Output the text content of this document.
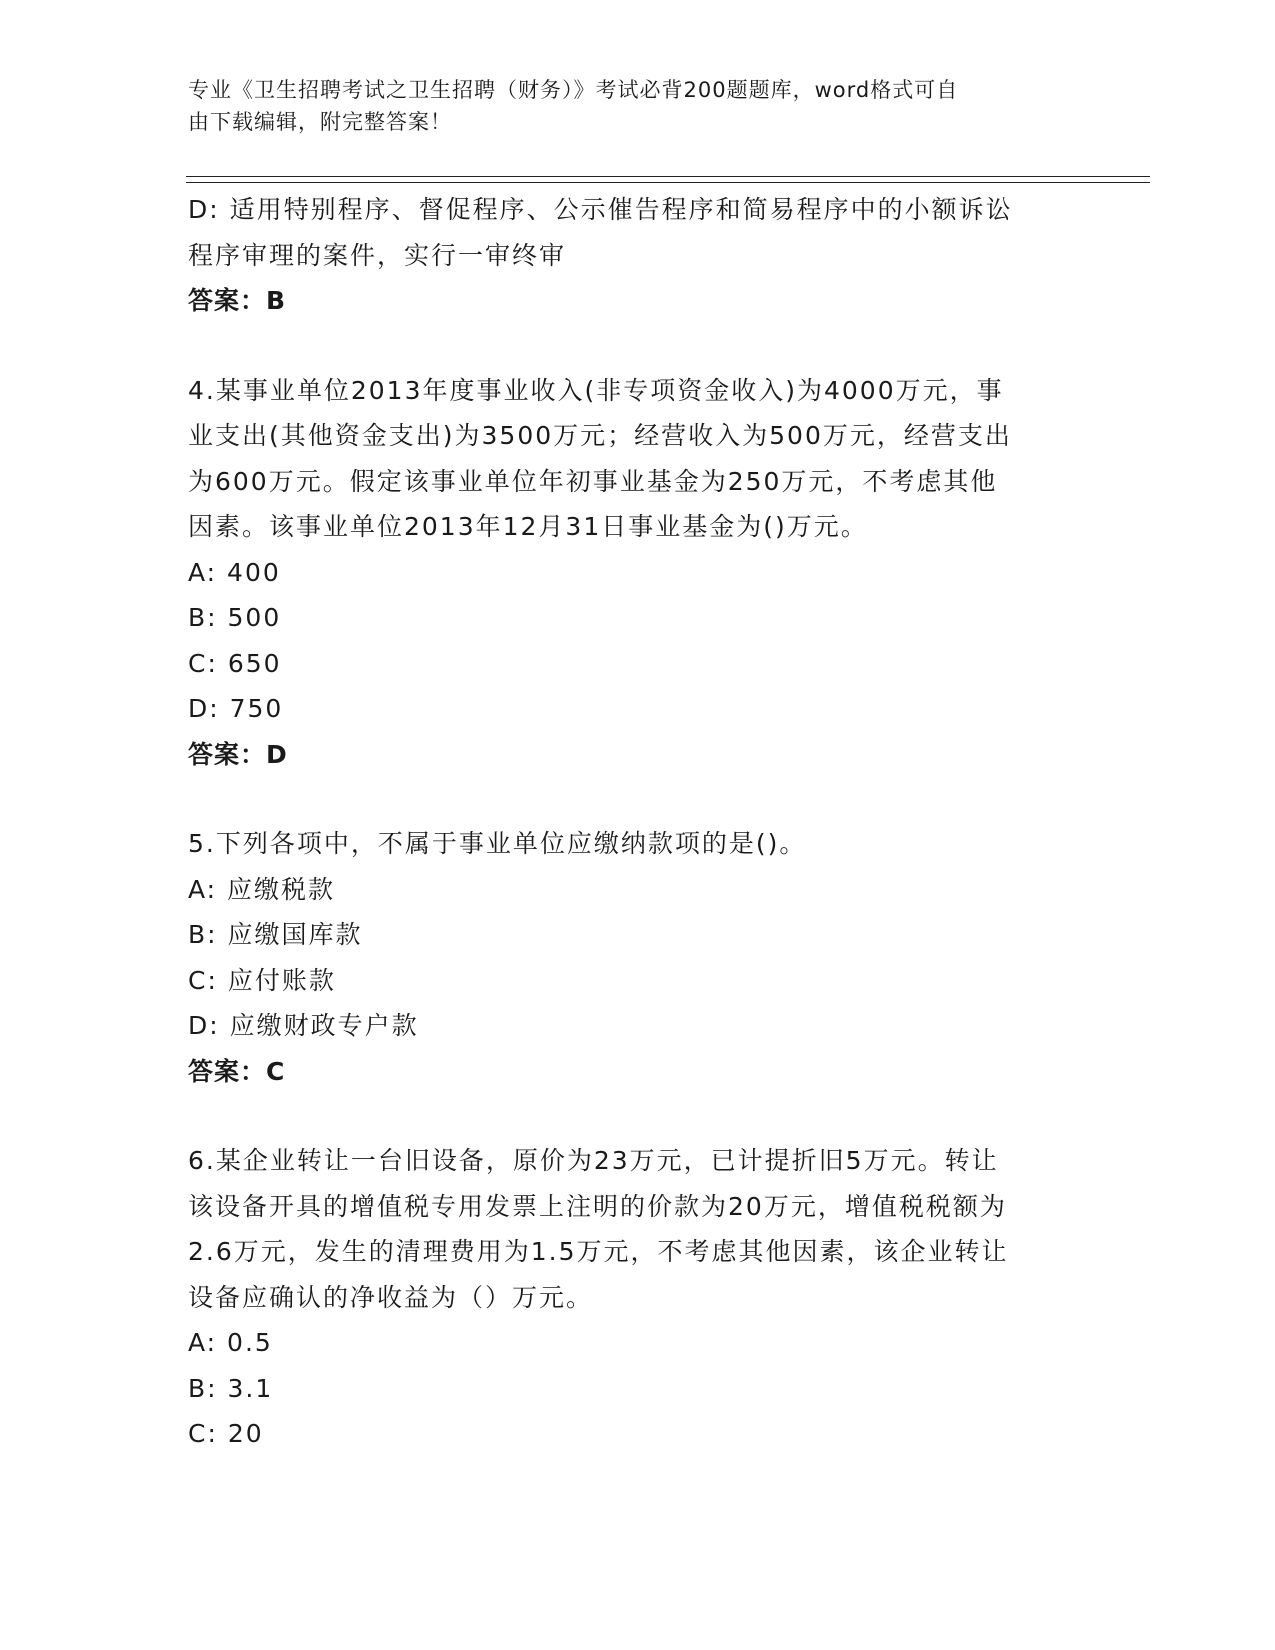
专业《卫生招聘考试之卫生招聘（财务）》考试必背200题题库，word格式可自
由下载编辑，附完整答案！
D: 适用特别程序、督促程序、公示催告程序和简易程序中的小额诉讼
程序审理的案件，实行一审终审
答案：B
4.某事业单位2013年度事业收入(非专项资金收入)为4000万元，事
业支出(其他资金支出)为3500万元；经营收入为500万元，经营支出
为600万元。假定该事业单位年初事业基金为250万元，不考虑其他
因素。该事业单位2013年12月31日事业基金为()万元。
A: 400
B: 500
C: 650
D: 750
答案：D
5.下列各项中，不属于事业单位应缴纳款项的是()。
A: 应缴税款
B: 应缴国库款
C: 应付账款
D: 应缴财政专户款
答案：C
6.某企业转让一台旧设备，原价为23万元，已计提折旧5万元。转让
该设备开具的增值税专用发票上注明的价款为20万元，增值税税额为
2.6万元，发生的清理费用为1.5万元，不考虑其他因素，该企业转让
设备应确认的净收益为（）万元。
A: 0.5
B: 3.1
C: 20
